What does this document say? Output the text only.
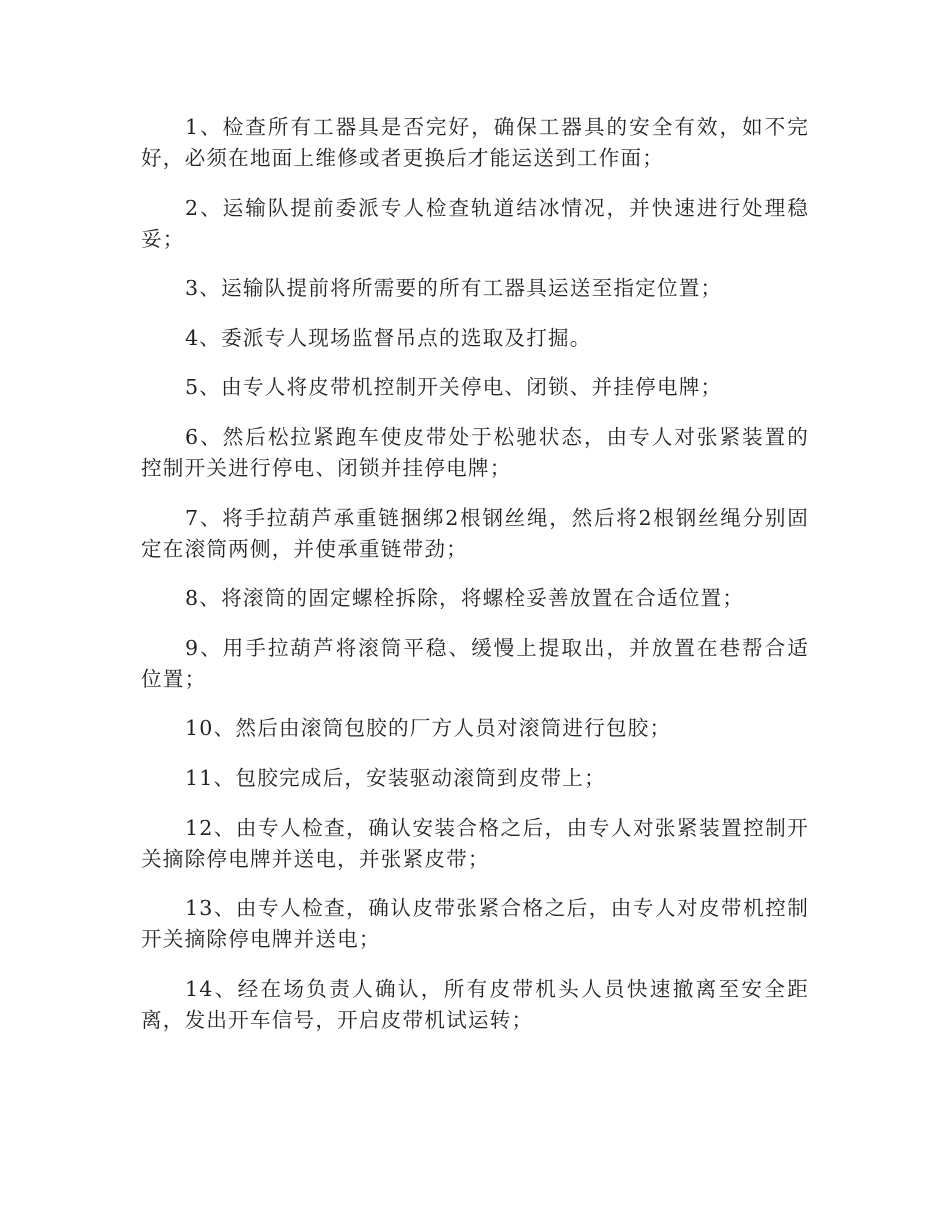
1、检查所有工器具是否完好，确保工器具的安全有效，如不完好，必须在地面上维修或者更换后才能运送到工作面；

2、运输队提前委派专人检查轨道结冰情况，并快速进行处理稳妥；

3、运输队提前将所需要的所有工器具运送至指定位置；

4、委派专人现场监督吊点的选取及打掘。

5、由专人将皮带机控制开关停电、闭锁、并挂停电牌；

6、然后松拉紧跑车使皮带处于松驰状态，由专人对张紧装置的控制开关进行停电、闭锁并挂停电牌；

7、将手拉葫芦承重链捆绑2根钢丝绳，然后将2根钢丝绳分别固定在滚筒两侧，并使承重链带劲；

8、将滚筒的固定螺栓拆除，将螺栓妥善放置在合适位置；

9、用手拉葫芦将滚筒平稳、缓慢上提取出，并放置在巷帮合适位置；

10、然后由滚筒包胶的厂方人员对滚筒进行包胶；

11、包胶完成后，安装驱动滚筒到皮带上；

12、由专人检查，确认安装合格之后，由专人对张紧装置控制开关摘除停电牌并送电，并张紧皮带；

13、由专人检查，确认皮带张紧合格之后，由专人对皮带机控制开关摘除停电牌并送电；

14、经在场负责人确认，所有皮带机头人员快速撤离至安全距离，发出开车信号，开启皮带机试运转；
